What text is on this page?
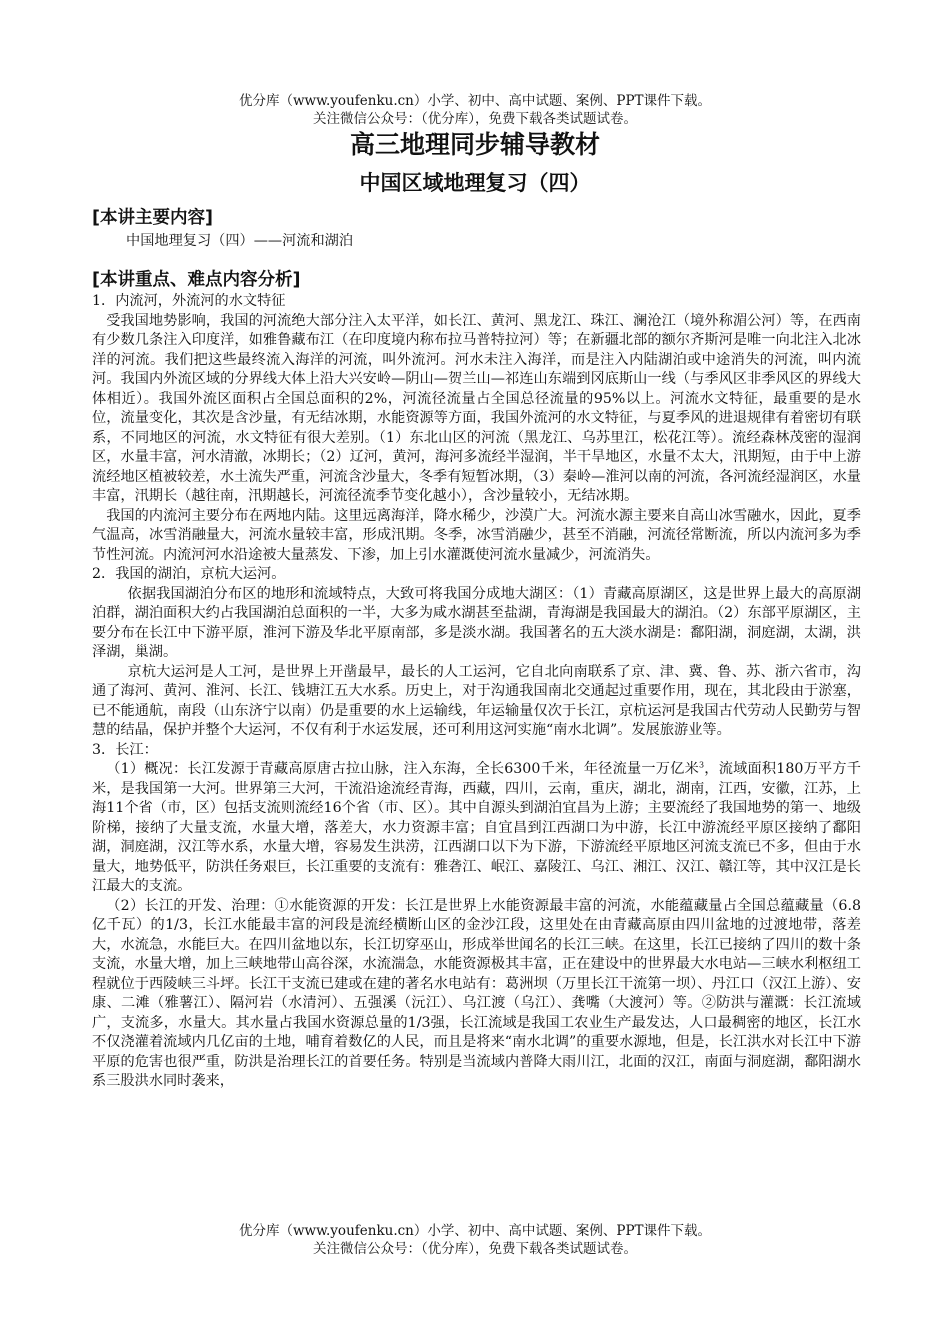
优分库（www.youfenku.cn）小学、初中、高中试题、案例、PPT课件下载。
关注微信公众号：（优分库），免费下载各类试题试卷。
高三地理同步辅导教材
中国区域地理复习（四）
[本讲主要内容]
中国地理复习（四）——河流和湖泊
[本讲重点、难点内容分析]

1．内流河，外流河的水文特征

受我国地势影响，我国的河流绝大部分注入太平洋，如长江、黄河、黑龙江、珠江、澜沧江（境外称湄公河）等，在西南有少数几条注入印度洋，如雅鲁藏布江（在印度境内称布拉马普特拉河）等；在新疆北部的额尔齐斯河是唯一向北注入北冰洋的河流。我们把这些最终流入海洋的河流，叫外流河。河水未注入海洋，而是注入内陆湖泊或中途消失的河流，叫内流河。我国内外流区域的分界线大体上沿大兴安岭—阴山—贺兰山—祁连山东端到冈底斯山一线（与季风区非季风区的界线大体相近）。我国外流区面积占全国总面积的2%，河流径流量占全国总径流量的95%以上。河流水文特征，最重要的是水位，流量变化，其次是含沙量，有无结冰期，水能资源等方面，我国外流河的水文特征，与夏季风的进退规律有着密切有联系，不同地区的河流，水文特征有很大差别。（1）东北山区的河流（黑龙江、乌苏里江，松花江等）。流经森林茂密的湿润区，水量丰富，河水清澈，冰期长；（2）辽河，黄河，海河多流经半湿润，半干旱地区，水量不太大，汛期短，由于中上游流经地区植被较差，水土流失严重，河流含沙量大，冬季有短暂冰期，（3）秦岭—淮河以南的河流，各河流经湿润区，水量丰富，汛期长（越往南，汛期越长，河流径流季节变化越小），含沙量较小，无结冰期。

我国的内流河主要分布在两地内陆。这里远离海洋，降水稀少，沙漠广大。河流水源主要来自高山冰雪融水，因此，夏季气温高，冰雪消融量大，河流水量较丰富，形成汛期。冬季，冰雪消融少，甚至不消融，河流径常断流，所以内流河多为季节性河流。内流河河水沿途被大量蒸发、下渗，加上引水灌溉使河流水量减少，河流消失。

2．我国的湖泊，京杭大运河。

依据我国湖泊分布区的地形和流域特点，大致可将我国分成地大湖区：（1）青藏高原湖区，这是世界上最大的高原湖泊群，湖泊面积大约占我国湖泊总面积的一半，大多为咸水湖甚至盐湖，青海湖是我国最大的湖泊。（2）东部平原湖区，主要分布在长江中下游平原，淮河下游及华北平原南部，多是淡水湖。我国著名的五大淡水湖是：鄱阳湖，洞庭湖，太湖，洪泽湖，巢湖。

京杭大运河是人工河，是世界上开凿最早，最长的人工运河，它自北向南联系了京、津、冀、鲁、苏、浙六省市，沟通了海河、黄河、淮河、长江、钱塘江五大水系。历史上，对于沟通我国南北交通起过重要作用，现在，其北段由于淤塞，已不能通航，南段（山东济宁以南）仍是重要的水上运输线，年运输量仅次于长江，京杭运河是我国古代劳动人民勤劳与智慧的结晶，保护并整个大运河，不仅有利于水运发展，还可利用这河实施“南水北调”。发展旅游业等。

3．长江：

（1）概况：长江发源于青藏高原唐古拉山脉，注入东海，全长6300千米，年径流量一万亿米$^3$，流域面积180万平方千米，是我国第一大河。世界第三大河，干流沿途流经青海，西藏，四川，云南，重庆，湖北，湖南，江西，安徽，江苏，上海11个省（市，区）包括支流则流经16个省（市、区）。其中自源头到湖泊宜昌为上游；主要流经了我国地势的第一、地级阶梯，接纳了大量支流，水量大增，落差大，水力资源丰富；自宜昌到江西湖口为中游，长江中游流经平原区接纳了鄱阳湖，洞庭湖，汉江等水系，水量大增，容易发生洪涝，江西湖口以下为下游，下游流经平原地区河流支流已不多，但由于水量大，地势低平，防洪任务艰巨，长江重要的支流有：雅砻江、岷江、嘉陵江、乌江、湘江、汉江、赣江等，其中汉江是长江最大的支流。

（2）长江的开发、治理：①水能资源的开发：长江是世界上水能资源最丰富的河流，水能蕴藏量占全国总蕴藏量（6.8亿千瓦）的1/3，长江水能最丰富的河段是流经横断山区的金沙江段，这里处在由青藏高原由四川盆地的过渡地带，落差大，水流急，水能巨大。在四川盆地以东，长江切穿巫山，形成举世闻名的长江三峡。在这里，长江已接纳了四川的数十条支流，水量大增，加上三峡地带山高谷深，水流湍急，水能资源极其丰富，正在建设中的世界最大水电站—三峡水利枢纽工程就位于西陵峡三斗坪。长江干支流已建或在建的著名水电站有：葛洲坝（万里长江干流第一坝）、丹江口（汉江上游）、安康、二滩（雅薯江）、隔河岩（水清河）、五强溪（沅江）、乌江渡（乌江）、龚嘴（大渡河）等。②防洪与灌溉：长江流域广，支流多，水量大。其水量占我国水资源总量的1/3强，长江流域是我国工农业生产最发达，人口最稠密的地区，长江水不仅浇灌着流域内几亿亩的土地，哺育着数亿的人民，而且是将来“南水北调”的重要水源地，但是，长江洪水对长江中下游平原的危害也很严重，防洪是治理长江的首要任务。特别是当流域内普降大雨川江，北面的汉江，南面与洞庭湖，鄱阳湖水系三股洪水同时袭来，

优分库（www.youfenku.cn）小学、初中、高中试题、案例、PPT课件下载。
关注微信公众号：（优分库），免费下载各类试题试卷。
